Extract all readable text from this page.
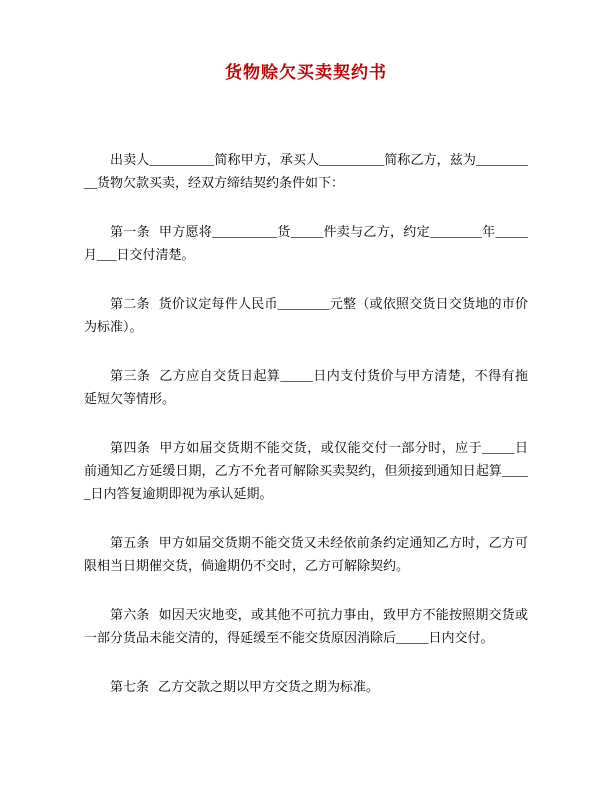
货物赊欠买卖契约书

出卖人__________简称甲方，承买人__________简称乙方，兹为__________货物欠款买卖，经双方缔结契约条件如下：

第一条 甲方愿将__________货_____件卖与乙方，约定________年_____月___日交付清楚。

第二条 货价议定每件人民币________元整（或依照交货日交货地的市价为标准）。

第三条 乙方应自交货日起算_____日内支付货价与甲方清楚，不得有拖延短欠等情形。

第四条 甲方如届交货期不能交货，或仅能交付一部分时，应于_____日前通知乙方延缓日期，乙方不允者可解除买卖契约，但须接到通知日起算_____日内答复逾期即视为承认延期。

第五条 甲方如届交货期不能交货又未经依前条约定通知乙方时，乙方可限相当日期催交货，倘逾期仍不交时，乙方可解除契约。

第六条 如因天灾地变，或其他不可抗力事由，致甲方不能按照期交货或一部分货品未能交清的，得延缓至不能交货原因消除后_____日内交付。

第七条 乙方交款之期以甲方交货之期为标准。
